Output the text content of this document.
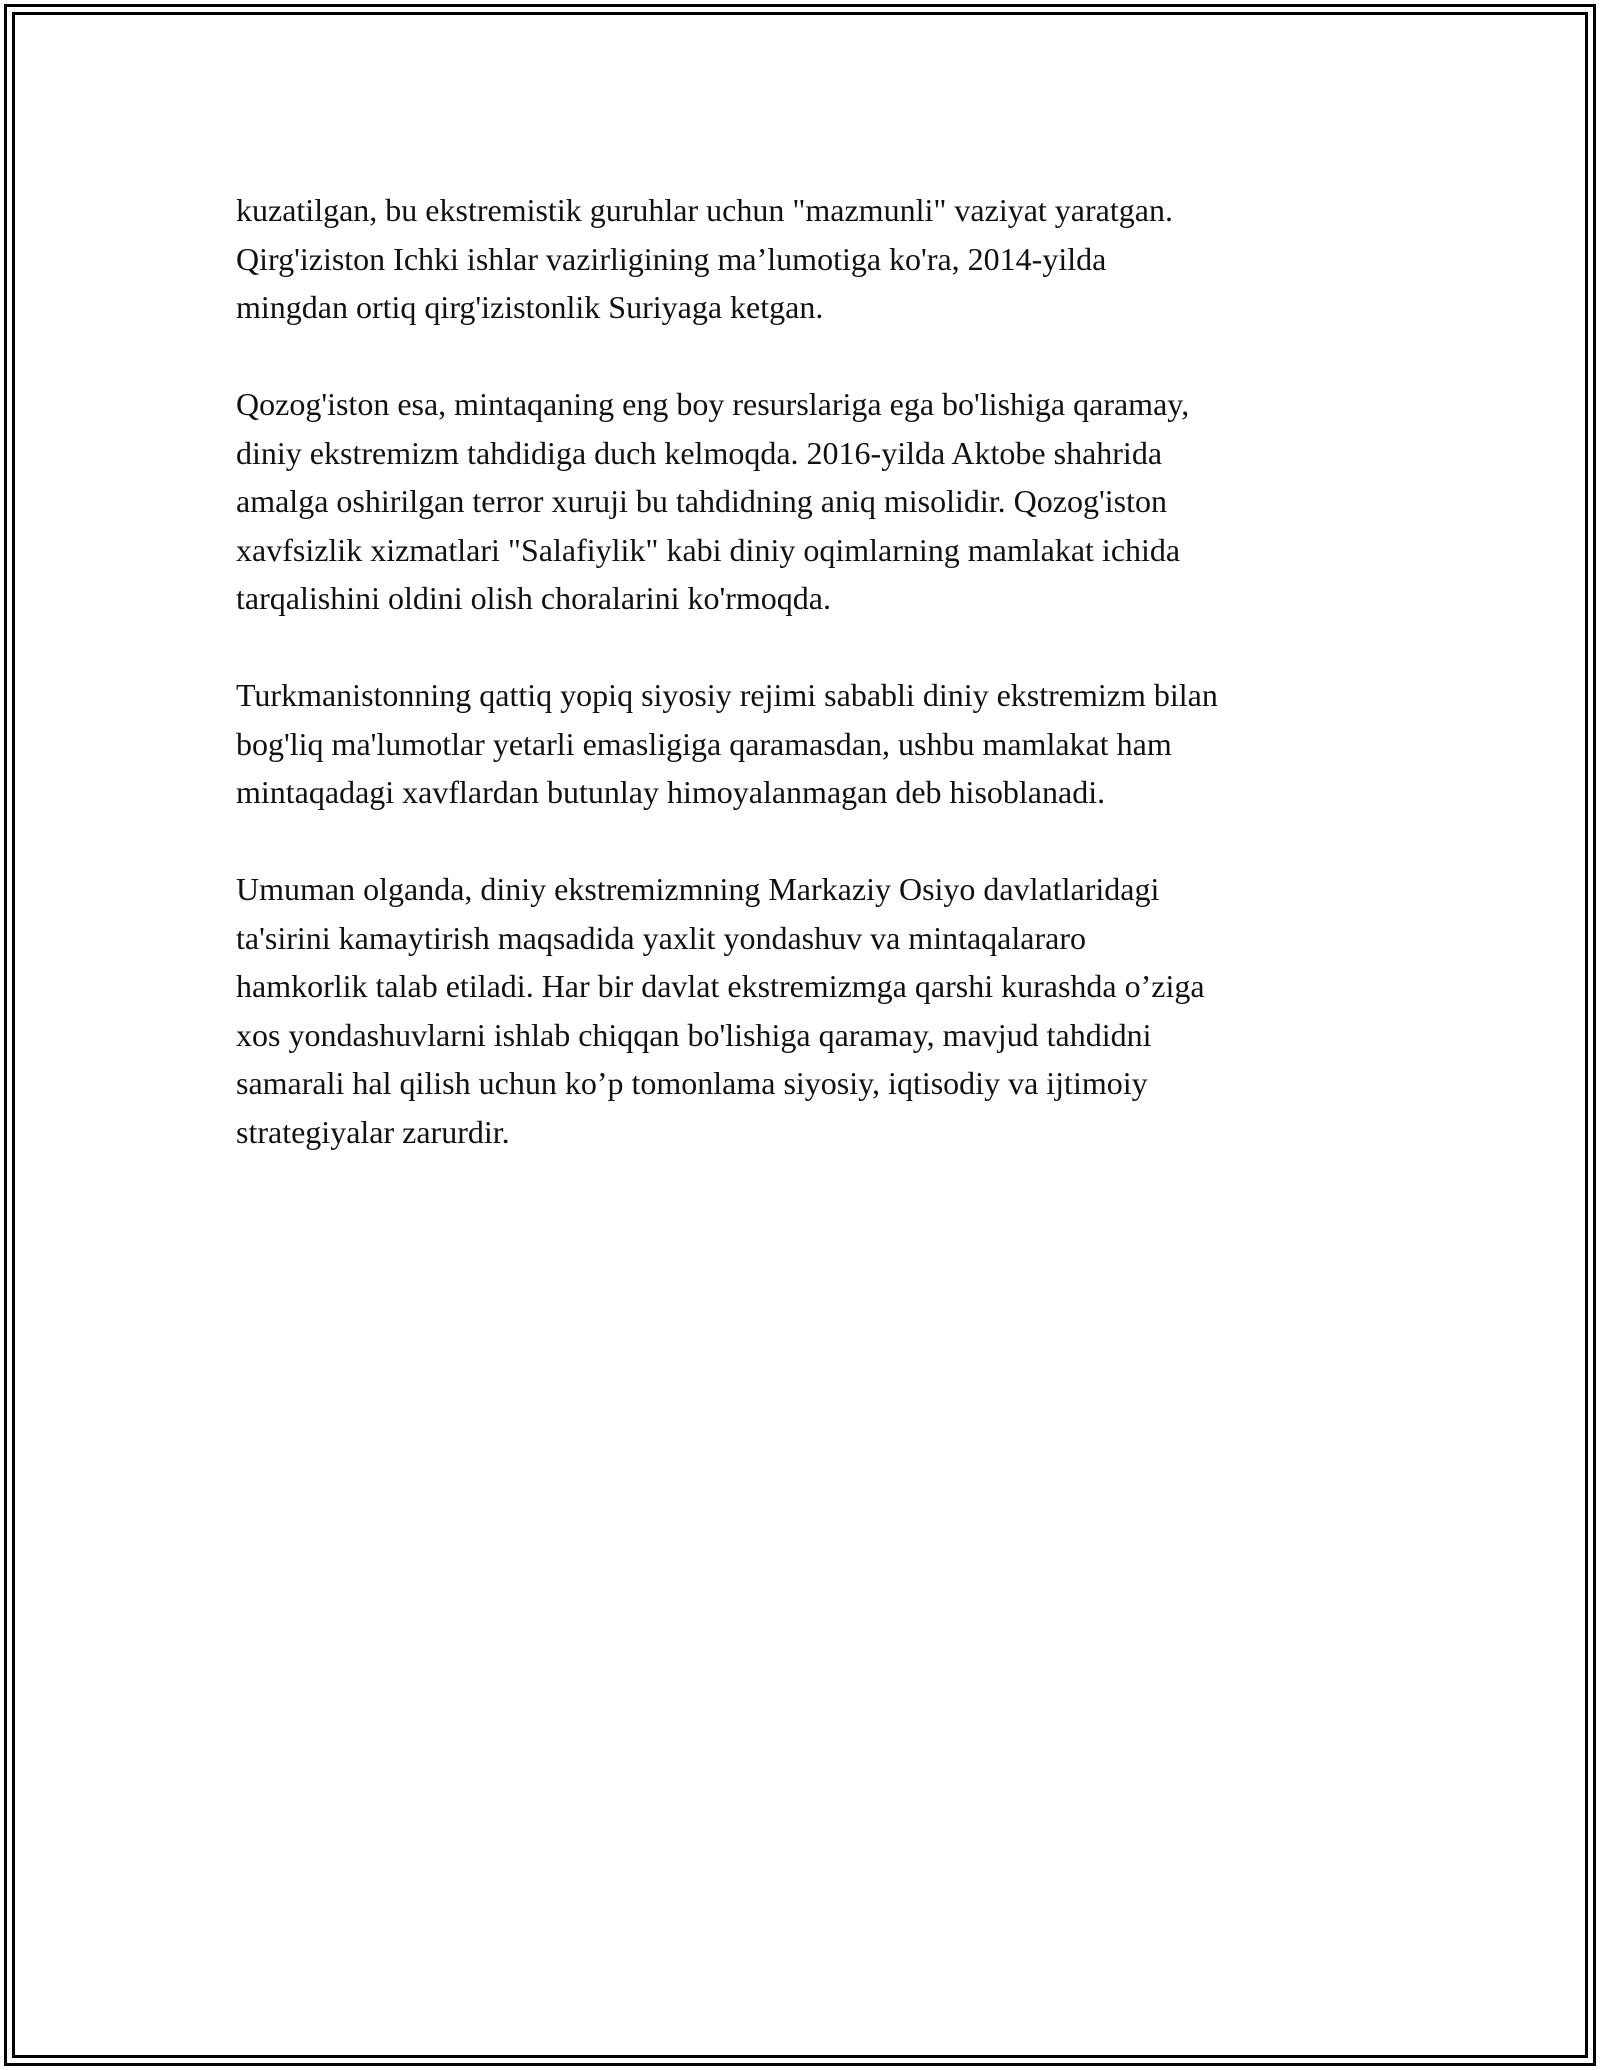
kuzatilgan, bu ekstremistik guruhlar uchun "mazmunli" vaziyat yaratgan.
Qirg'iziston Ichki ishlar vazirligining ma’lumotiga ko'ra, 2014-yilda
mingdan ortiq qirg'izistonlik Suriyaga ketgan.

Qozog'iston esa, mintaqaning eng boy resurslariga ega bo'lishiga qaramay,
diniy ekstremizm tahdidiga duch kelmoqda. 2016-yilda Aktobe shahrida
amalga oshirilgan terror xuruji bu tahdidning aniq misolidir. Qozog'iston
xavfsizlik xizmatlari "Salafiylik" kabi diniy oqimlarning mamlakat ichida
tarqalishini oldini olish choralarini ko'rmoqda.

Turkmanistonning qattiq yopiq siyosiy rejimi sababli diniy ekstremizm bilan
bog'liq ma'lumotlar yetarli emasligiga qaramasdan, ushbu mamlakat ham
mintaqadagi xavflardan butunlay himoyalanmagan deb hisoblanadi.

Umuman olganda, diniy ekstremizmning Markaziy Osiyo davlatlaridagi
ta'sirini kamaytirish maqsadida yaxlit yondashuv va mintaqalararo
hamkorlik talab etiladi. Har bir davlat ekstremizmga qarshi kurashda o’ziga
xos yondashuvlarni ishlab chiqqan bo'lishiga qaramay, mavjud tahdidni
samarali hal qilish uchun ko’p tomonlama siyosiy, iqtisodiy va ijtimoiy
strategiyalar zarurdir.
